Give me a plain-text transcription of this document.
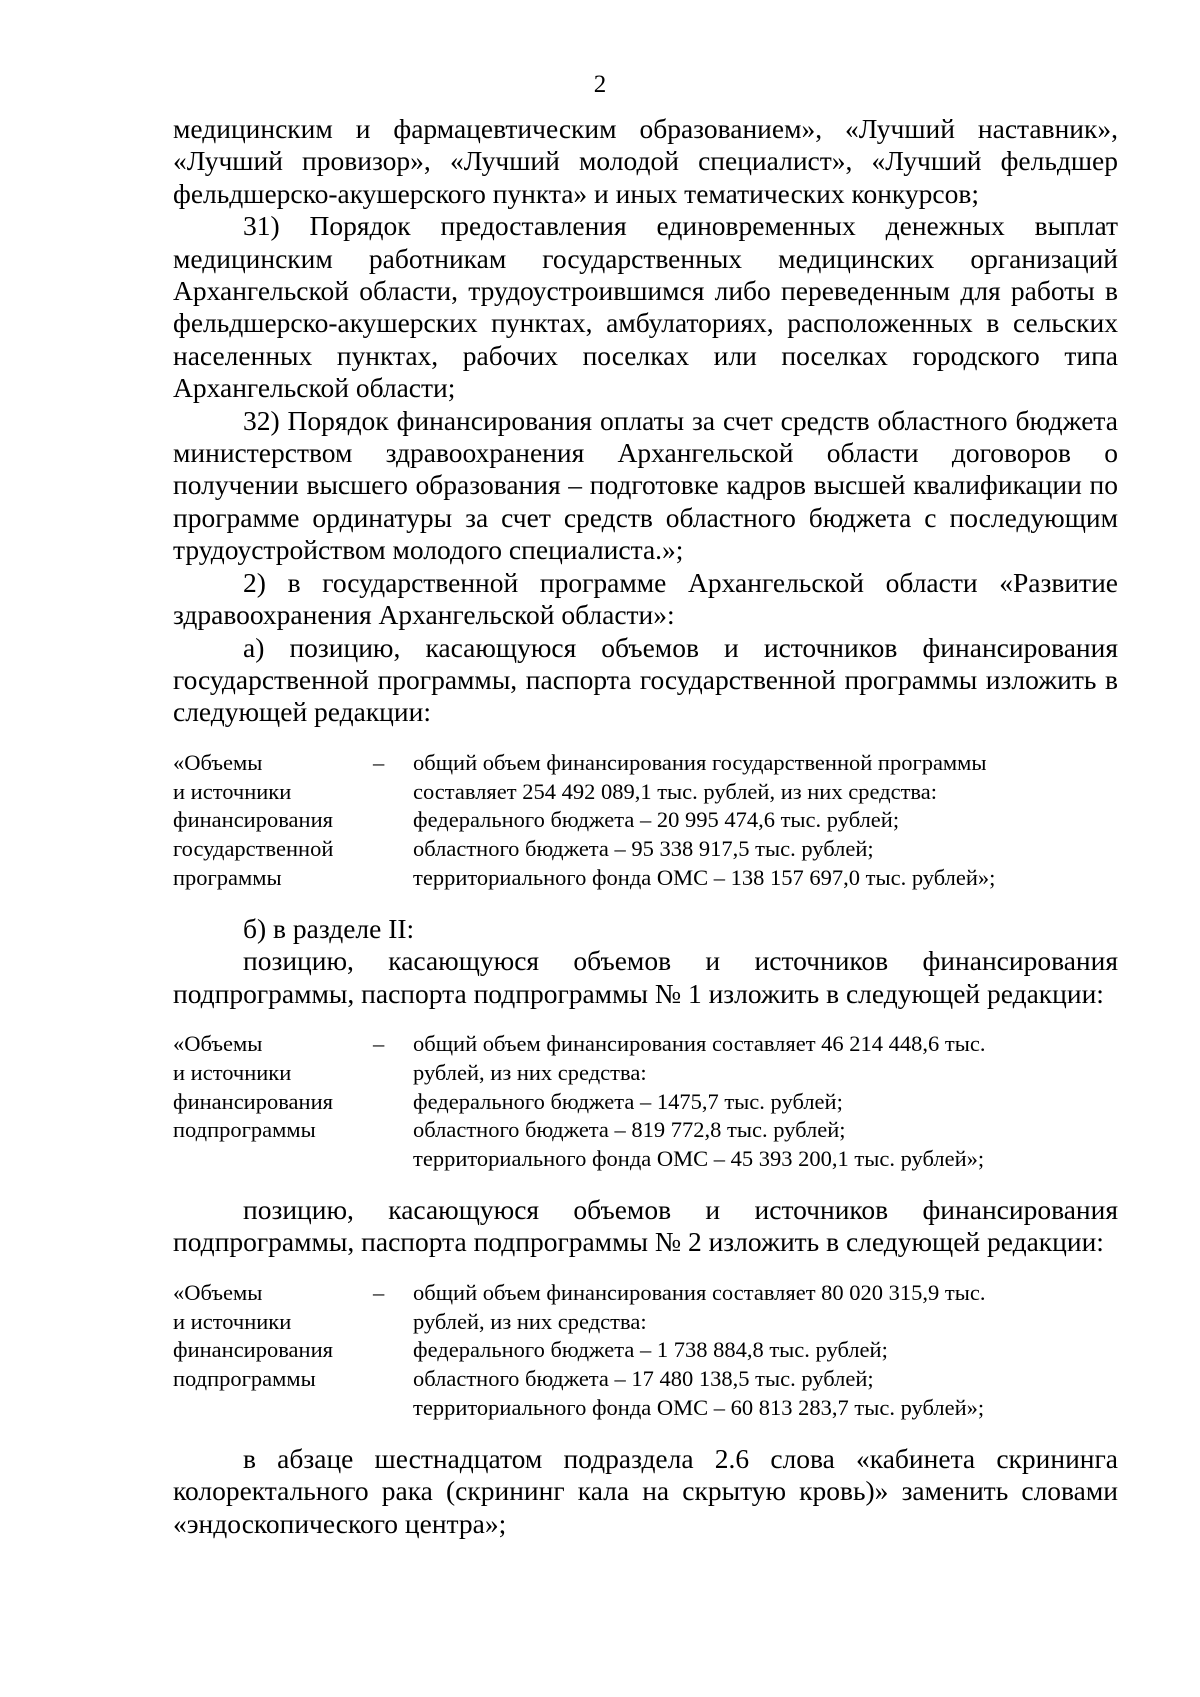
2

медицинским и фармацевтическим образованием», «Лучший наставник», «Лучший провизор», «Лучший молодой специалист», «Лучший фельдшер фельдшерско-акушерского пункта» и иных тематических конкурсов;

31) Порядок предоставления единовременных денежных выплат медицинским работникам государственных медицинских организаций Архангельской области, трудоустроившимся либо переведенным для работы в фельдшерско-акушерских пунктах, амбулаториях, расположенных в сельских населенных пунктах, рабочих поселках или поселках городского типа Архангельской области;

32) Порядок финансирования оплаты за счет средств областного бюджета министерством здравоохранения Архангельской области договоров о получении высшего образования – подготовке кадров высшей квалификации по программе ординатуры за счет средств областного бюджета с последующим трудоустройством молодого специалиста.»;

2) в государственной программе Архангельской области «Развитие здравоохранения Архангельской области»:

а) позицию, касающуюся объемов и источников финансирования государственной программы, паспорта государственной программы изложить в следующей редакции:

«Объемы
и источники
финансирования
государственной
программы
–	общий объем финансирования государственной программы
составляет 254 492 089,1 тыс. рублей, из них средства:
федерального бюджета – 20 995 474,6 тыс. рублей;
областного бюджета – 95 338 917,5 тыс. рублей;
территориального фонда ОМС – 138 157 697,0 тыс. рублей»;

б) в разделе II:

позицию, касающуюся объемов и источников финансирования подпрограммы, паспорта подпрограммы № 1 изложить в следующей редакции:

«Объемы
и источники
финансирования
подпрограммы
–	общий объем финансирования составляет 46 214 448,6 тыс.
рублей, из них средства:
федерального бюджета – 1475,7 тыс. рублей;
областного бюджета – 819 772,8 тыс. рублей;
территориального фонда ОМС – 45 393 200,1 тыс. рублей»;

позицию, касающуюся объемов и источников финансирования подпрограммы, паспорта подпрограммы № 2 изложить в следующей редакции:

«Объемы
и источники
финансирования
подпрограммы
–	общий объем финансирования составляет 80 020 315,9 тыс.
рублей, из них средства:
федерального бюджета – 1 738 884,8 тыс. рублей;
областного бюджета – 17 480 138,5 тыс. рублей;
территориального фонда ОМС – 60 813 283,7 тыс. рублей»;

в абзаце шестнадцатом подраздела 2.6 слова «кабинета скрининга колоректального рака (скрининг кала на скрытую кровь)» заменить словами «эндоскопического центра»;
